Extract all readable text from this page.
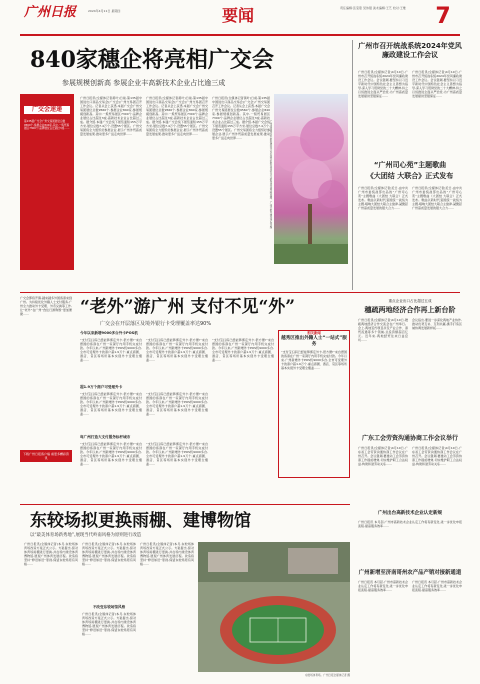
广州日报	2024年4月11日 星期四	要闻	责任编辑:张莹姿 吴伟强 美术编辑:王艺 校对:王维	7
840家穗企将亮相广交会
参展规模创新高 参展企业丰高新技术企业占比逾三成
广交会速递
第135届广交会广州交易团展位总数9560个,参展企业840家,其中,一般贸易展区7300个;品牌展位占比超过3成……
广州日报讯(全媒体记者黄叶)日前,第135届中国进出口商品交易会(广交会)广州交易团召开工作会议。记者从会上获悉,本届广交会广州交易团展位总数9560个,参展企业840家,参展规模创新高。其中,一般贸易展区7300个;品牌企业展位占比超过3成,高新技术企业占比超过三成。据介绍,本届广交会线下展览面积155万平方米,展位总数7.4万个,设置55个展区。广州交易团将全力组织好参展企业,展示广州外贸高质量发展成果,推动更多广货走向世界……
广州日报讯(全媒体记者黄叶)日前,第135届中国进出口商品交易会(广交会)广州交易团召开工作会议。记者从会上获悉,本届广交会广州交易团展位总数9560个,参展企业840家,参展规模创新高。其中,一般贸易展区7300个;品牌企业展位占比超过3成,高新技术企业占比超过三成。据介绍,本届广交会线下展览面积155万平方米,展位总数7.4万个,设置55个展区。广州交易团将全力组织好参展企业,展示广州外贸高质量发展成果,推动更多广货走向世界……
广州日报讯(全媒体记者黄叶)日前,第135届中国进出口商品交易会(广交会)广州交易团召开工作会议。记者从会上获悉,本届广交会广州交易团展位总数9560个,参展企业840家,参展规模创新高。其中,一般贸易展区7300个;品牌企业展位占比超过3成,高新技术企业占比超过三成。据介绍,本届广交会线下展览面积155万平方米,展位总数7.4万个,设置55个展区。广州交易团将全力组织好参展企业,展示广州外贸高质量发展成果,推动更多广货走向世界……	广州市黄埔区长岭街道某小区,盛开的紫花风铃木与都市风景相映成趣。广州日报全媒体记者 摄
广州市召开统战系统2024年党风廉政建设工作会议
广州日报讯(全媒体记者)4月10日,广州市召开统战系统2024年党风廉政建设工作会议。会议强调,要坚持以习近平新时代中国特色社会主义思想为指导,深入学习贯彻党的二十大精神,持之以恒推进全面从严治党,为广州高质量发展提供坚强保证……
广州日报讯(全媒体记者)4月10日,广州市召开统战系统2024年党风廉政建设工作会议。会议强调,要坚持以习近平新时代中国特色社会主义思想为指导,深入学习贯彻党的二十大精神,持之以恒推进全面从严治党,为广州高质量发展提供坚强保证……
“广州司心苑”主题歌曲
《大团结 大联合》正式发布
广州日报讯(全媒体记者)近日,由中共广州市委统战部出品的“广州司心苑”主题歌曲《大团结 大联合》正式发布。歌曲以新时代爱国统一战线为主题,唱响大团结大联合主旋律,凝聚起广州高质量发展的强大合力……
广州日报讯(全媒体记者)近日,由中共广州市委统战部出品的“广州司心苑”主题歌曲《大团结 大联合》正式发布。歌曲以新时代爱国统一战线为主题,唱响大团结大联合主旋律,凝聚起广州高质量发展的强大合力……
广交会即将开幕,越来越多外国客商来到广州。为持续优化外籍人士支付服务,广州全力推动外卡受理、外币兑换等工作,让“老外”在广州“食住行游购娱”更加便捷……
下载广州日报客户端 看更多精彩资讯
“老外”游广州 支付不见“外”
广交会在开层落区及境外银行卡受理覆盖率达90%
今年以来新增9000多台外卡POS机
“支付宝扫码已经能够绑定外卡,很方便!”来自德国的客商在广州一家餐厅内用手机完成付款。今年以来,广州新增外卡POS机9000多台,全市可受理外卡的商户超1.9万个,重点商圈、酒店、景区等场所基本实现外卡受理全覆盖……
“支付宝扫码已经能够绑定外卡,很方便!”来自德国的客商在广州一家餐厅内用手机完成付款。今年以来,广州新增外卡POS机9000多台,全市可受理外卡的商户超1.9万个,重点商圈、酒店、景区等场所基本实现外卡受理全覆盖……
超1.9万个商户可受理外卡
“支付宝扫码已经能够绑定外卡,很方便!”来自德国的客商在广州一家餐厅内用手机完成付款。今年以来,广州新增外卡POS机9000多台,全市可受理外卡的商户超1.9万个,重点商圈、酒店、景区等场所基本实现外卡受理全覆盖……
“支付宝扫码已经能够绑定外卡,很方便!”来自德国的客商在广州一家餐厅内用手机完成付款。今年以来,广州新增外卡POS机9000多台,全市可受理外卡的商户超1.9万个,重点商圈、酒店、景区等场所基本实现外卡受理全覆盖……
每广州打造大支付服务标杆城市
“支付宝扫码已经能够绑定外卡,很方便!”来自德国的客商在广州一家餐厅内用手机完成付款。今年以来,广州新增外卡POS机9000多台,全市可受理外卡的商户超1.9万个,重点商圈、酒店、景区等场所基本实现外卡受理全覆盖……
“支付宝扫码已经能够绑定外卡,很方便!”来自德国的客商在广州一家餐厅内用手机完成付款。今年以来,广州新增外卡POS机9000多台,全市可受理外卡的商户超1.9万个,重点商圈、酒店、景区等场所基本实现外卡受理全覆盖……
“支付宝扫码已经能够绑定外卡,很方便!”来自德国的客商在广州一家餐厅内用手机完成付款。今年以来,广州新增外卡POS机9000多台,全市可受理外卡的商户超1.9万个,重点商圈、酒店、景区等场所基本实现外卡受理全覆盖……
相关新闻
越秀区推出外籍人士“一站式”服务
“支付宝扫码已经能够绑定外卡,很方便!”来自德国的客商在广州一家餐厅内用手机完成付款。今年以来,广州新增外卡POS机9000多台,全市可受理外卡的商户超1.9万个,重点商圈、酒店、景区等场所基本实现外卡受理全覆盖……
重点企业出口占比超过五成
穗疏两地经济合作再上新台阶
广州日报讯(全媒体记者)4月10日,穗疏两地经济合作交流会在广州举行。会上,两地签约项目涉及产业合作、商贸流通等多个领域,总投资额超百亿元。近年来,两地经贸往来日益密切……
会议指出,要进一步深化两地产业协作,推动优势互补、互利共赢,携手打造区域协调发展新样板……
广东工会劳资沟通协商工作会议举行
广州日报讯(全媒体记者)4月10日,广东省工会劳资沟通协商工作会议在广州召开。会议强调,要推动工会劳资协商工作提质增效,切实维护职工合法权益,构建和谐劳动关系……
广州日报讯(全媒体记者)4月10日,广东省工会劳资沟通协商工作会议在广州召开。会议强调,要推动工会劳资协商工作提质增效,切实维护职工合法权益,构建和谐劳动关系……
东较场拟更换雨棚、建博物馆
以“最美体育场新秀地”,展现当代岭南风格为原则进行改造
广州日报讯(全媒体记者)本月,东较场体育场改造方案正式公示。方案提出,拟对体育场雨棚进行更换,并在场内建设体育博物馆,展现广州体育发展历程。改造将坚持“修旧如旧”原则,保留东较场原有风格……
广州日报讯(全媒体记者)本月,东较场体育场改造方案正式公示。方案提出,拟对体育场雨棚进行更换,并在场内建设体育博物馆,展现广州体育发展历程。改造将坚持“修旧如旧”原则,保留东较场原有风格……
不改变东较场馆风格
广州日报讯(全媒体记者)本月,东较场体育场改造方案正式公示。方案提出,拟对体育场雨棚进行更换,并在场内建设体育博物馆,展现广州体育发展历程。改造将坚持“修旧如旧”原则,保留东较场原有风格……
广州日报讯(全媒体记者)本月,东较场体育场改造方案正式公示。方案提出,拟对体育场雨棚进行更换,并在场内建设体育博物馆,展现广州体育发展历程。改造将坚持“修旧如旧”原则,保留东较场原有风格……
东较场体育场。广州日报全媒体记者 摄
广州出台高新技术企业认定新规
广州日报讯 本月起,广州市高新技术企业认定工作将有新变化,进一步优化申报流程,提高服务效率……
广州新增至济南哥州农产品产销对接新通道
广州日报讯 本月起,广州市高新技术企业认定工作将有新变化,进一步优化申报流程,提高服务效率……
广州日报讯 本月起,广州市高新技术企业认定工作将有新变化,进一步优化申报流程,提高服务效率……
